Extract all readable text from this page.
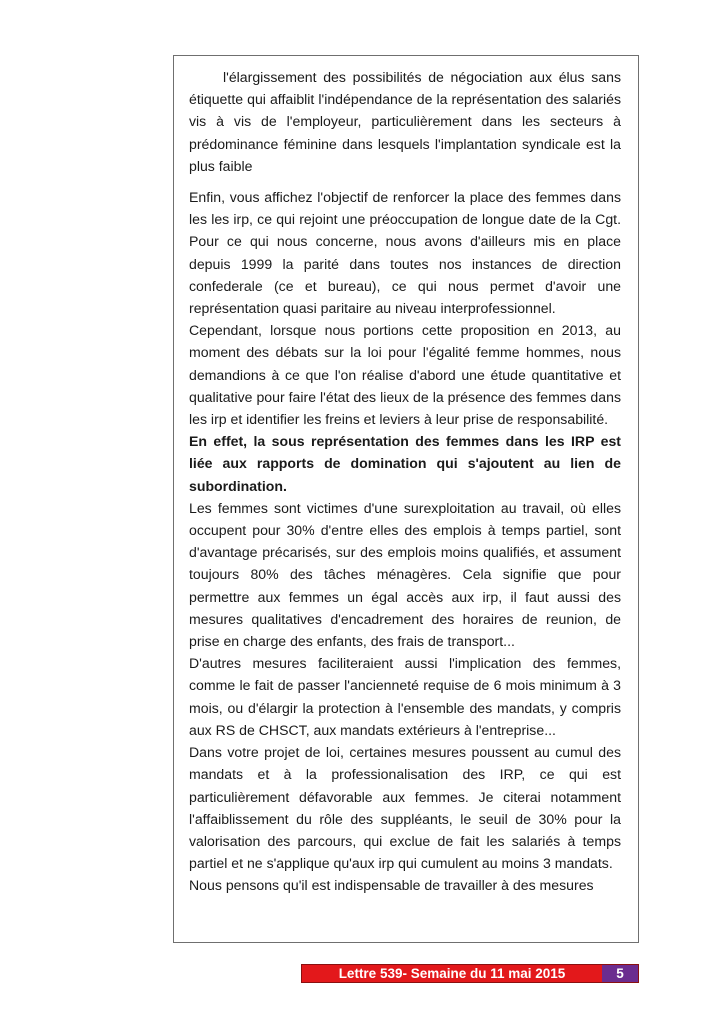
l'élargissement des possibilités de négociation aux élus sans étiquette qui affaiblit l'indépendance de la représentation des salariés vis à vis de l'employeur, particulièrement dans les secteurs à prédominance féminine dans lesquels l'implantation syndicale est la plus faible

Enfin, vous affichez l'objectif de renforcer la place des femmes dans les les irp, ce qui rejoint une préoccupation de longue date de la Cgt. Pour ce qui nous concerne, nous avons d'ailleurs mis en place depuis 1999 la parité dans toutes nos instances de direction confederale (ce et bureau), ce qui nous permet d'avoir une représentation quasi paritaire au niveau interprofessionnel.

Cependant, lorsque nous portions cette proposition en 2013, au moment des débats sur la loi pour l'égalité femme hommes, nous demandions à ce que l'on réalise d'abord une étude quantitative et qualitative pour faire l'état des lieux de la présence des femmes dans les irp et identifier les freins et leviers à leur prise de responsabilité.

En effet, la sous représentation des femmes dans les IRP est liée aux rapports de domination qui s'ajoutent au lien de subordination.

Les femmes sont victimes d'une surexploitation au travail, où elles occupent pour 30% d'entre elles des emplois à temps partiel, sont d'avantage précarisés, sur des emplois moins qualifiés, et assument toujours 80% des tâches ménagères. Cela signifie que pour permettre aux femmes un égal accès aux irp, il faut aussi des mesures qualitatives d'encadrement des horaires de reunion, de prise en charge des enfants, des frais de transport...

D'autres mesures faciliteraient aussi l'implication des femmes, comme le fait de passer l'ancienneté requise de 6 mois minimum à 3 mois, ou d'élargir la protection à l'ensemble des mandats, y compris aux RS de CHSCT, aux mandats extérieurs à l'entreprise...

Dans votre projet de loi, certaines mesures poussent au cumul des mandats et à la professionalisation des IRP, ce qui est particulièrement défavorable aux femmes. Je citerai notamment l'affaiblissement du rôle des suppléants, le seuil de 30% pour la valorisation des parcours, qui exclue de fait les salariés à temps partiel et ne s'applique qu'aux irp qui cumulent au moins 3 mandats.

Nous pensons qu'il est indispensable de travailler à des mesures

Lettre 539- Semaine du 11 mai 2015	5
